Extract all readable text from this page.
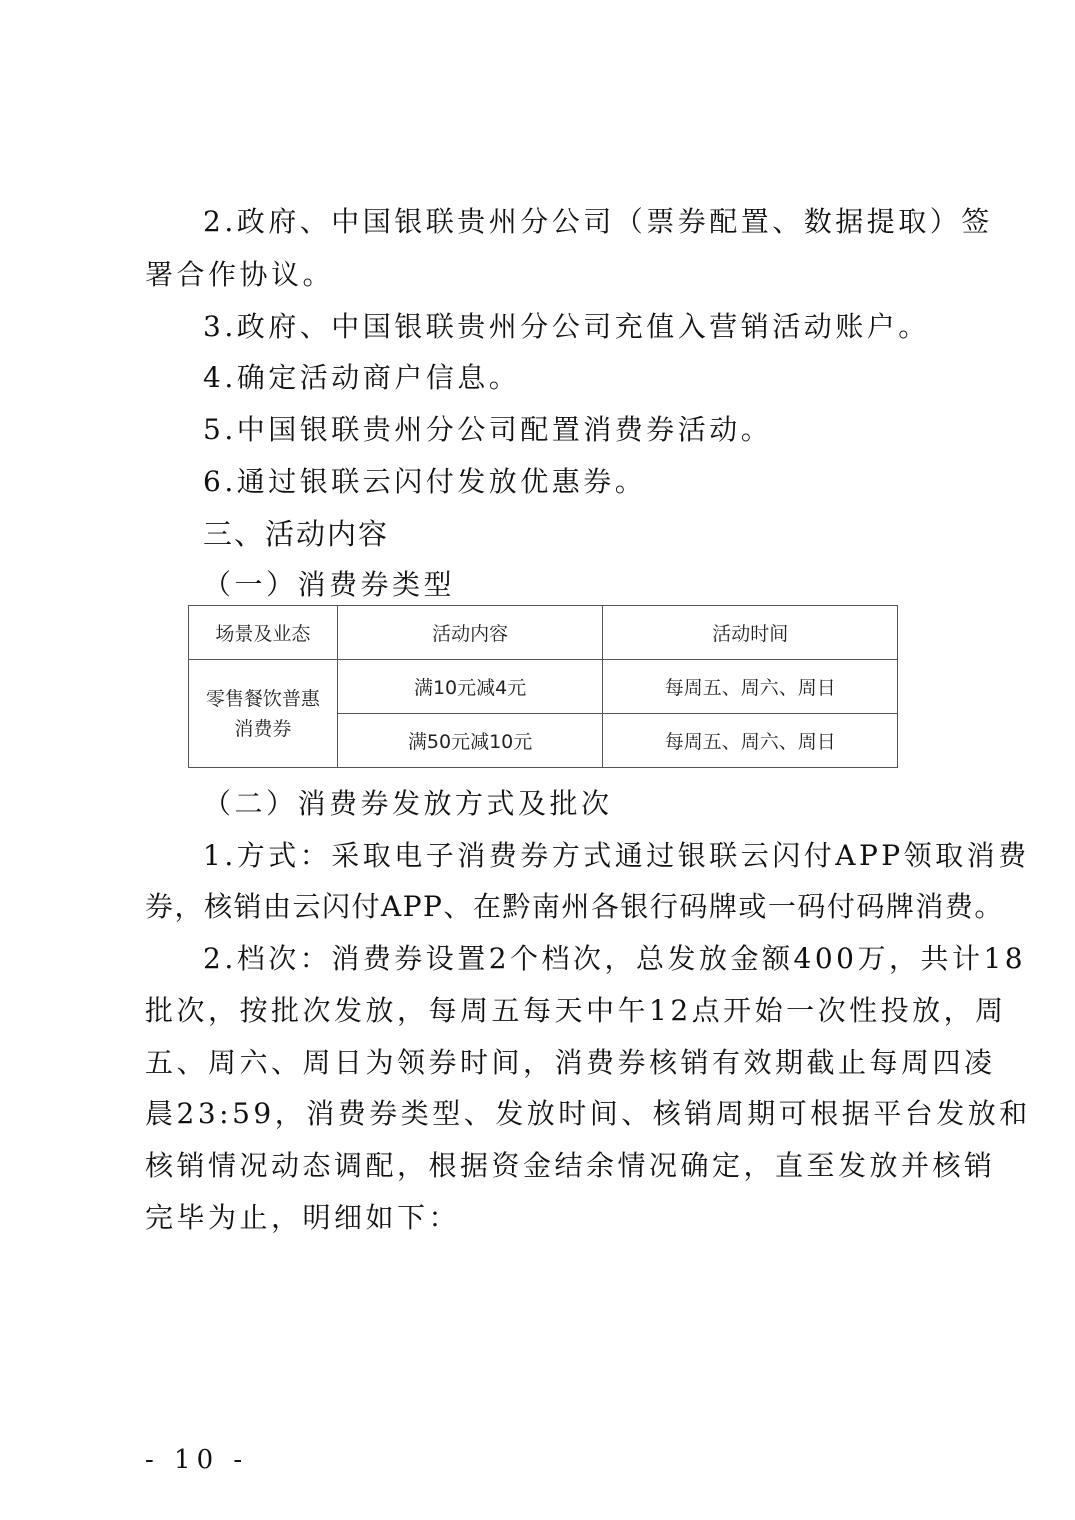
2.政府、中国银联贵州分公司（票券配置、数据提取）签
署合作协议。
3.政府、中国银联贵州分公司充值入营销活动账户。
4.确定活动商户信息。
5.中国银联贵州分公司配置消费券活动。
6.通过银联云闪付发放优惠券。
三、活动内容
（一）消费券类型
场景及业态	活动内容	活动时间
零售餐饮普惠
消费券	满10元减4元	每周五、周六、周日
	满50元减10元	每周五、周六、周日
（二）消费券发放方式及批次
1.方式：采取电子消费券方式通过银联云闪付APP领取消费
券，核销由云闪付APP、在黔南州各银行码牌或一码付码牌消费。
2.档次：消费券设置2个档次，总发放金额400万，共计18
批次，按批次发放，每周五每天中午12点开始一次性投放，周
五、周六、周日为领券时间，消费券核销有效期截止每周四凌
晨23:59，消费券类型、发放时间、核销周期可根据平台发放和
核销情况动态调配，根据资金结余情况确定，直至发放并核销
完毕为止，明细如下：
- 10 -
